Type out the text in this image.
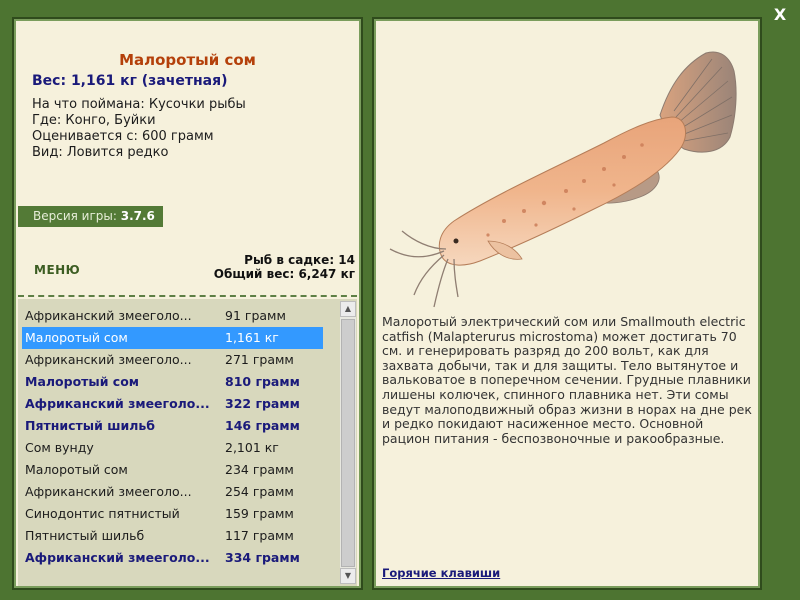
X
Малоротый сом
Вес: 1,161 кг (зачетная)
На что поймана: Кусочки рыбы
Где: Конго, Буйки
Оценивается с: 600 грамм
Вид: Ловится редко
Версия игры: 3.7.6
МЕНЮ
Рыб в садке: 14
Общий вес: 6,247 кг
Африканский змееголо...	91 грамм
Малоротый сом	1,161 кг
Африканский змееголо...	271 грамм
Малоротый сом	810 грамм
Африканский змееголо...	322 грамм
Пятнистый шильб	146 грамм
Сом вунду	2,101 кг
Малоротый сом	234 грамм
Африканский змееголо...	254 грамм
Синодонтис пятнистый	159 грамм
Пятнистый шильб	117 грамм
Африканский змееголо...	334 грамм
▲
▼
Малоротый электрический сом или Smallmouth electric catfish (Malapterurus microstoma) может достигать 70 см. и генерировать разряд до 200 вольт, как для захвата добычи, так и для защиты. Тело вытянутое и вальковатое в поперечном сечении. Грудные плавники лишены колючек, спинного плавника нет. Эти сомы ведут малоподвижный образ жизни в норах на дне рек и редко покидают насиженное место. Основной рацион питания - беспозвоночные и ракообразные.
Горячие клавиши
